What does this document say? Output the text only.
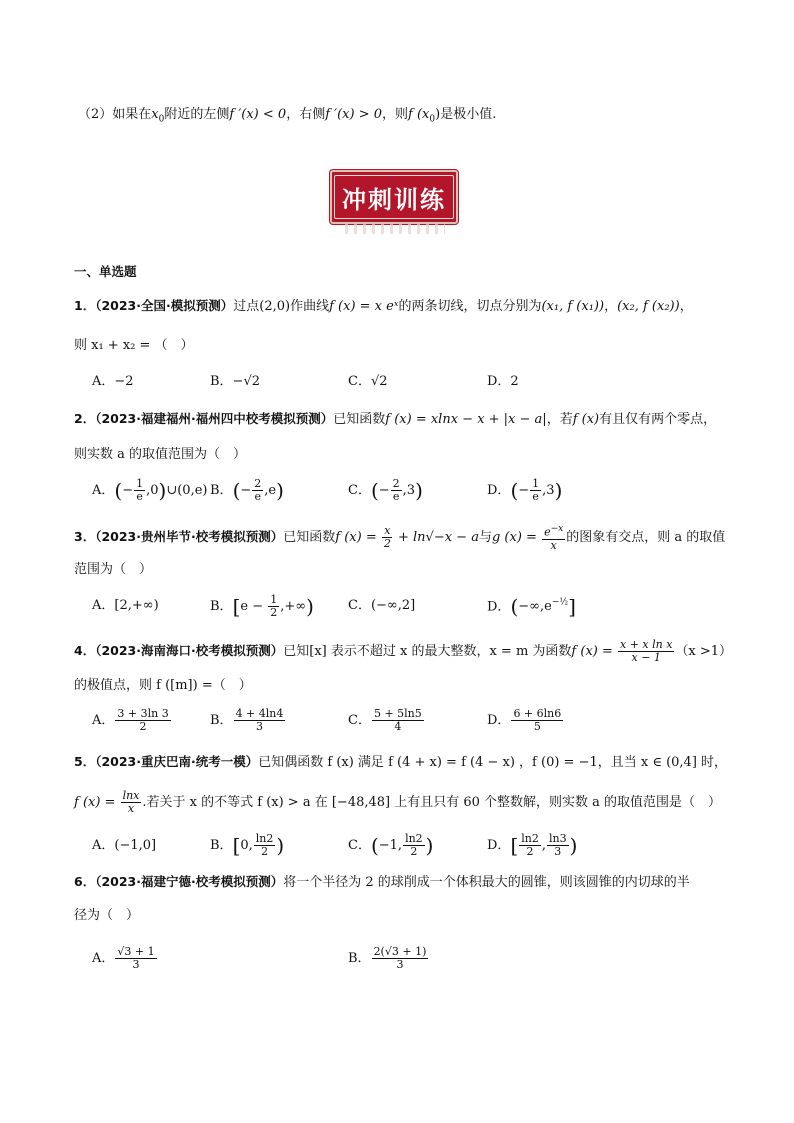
（2）如果在$x_0$附近的左侧f ′(x) < 0，右侧f ′(x) > 0，则f $(x_0)$是极小值.
冲刺训练
一、单选题
1．（2023·全国·模拟预测）过点(2,0)作曲线f (x) = x eˣ的两条切线，切点分别为(x₁, f (x₁))，(x₂, f (x₂))，
则 x₁ + x₂ = （　）
A．−2	B．−√2	C．√2	D．2
2．（2023·福建福州·福州四中校考模拟预测）已知函数f (x) = xlnx − x + |x − a|，若f (x)有且仅有两个零点，
则实数 a 的取值范围为（　）
A．(− $\frac{1}{e}$ ,0)∪(0,e) B．(− $\frac{2}{e} ,e$)	C．(− $\frac{2}{e} ,3$)	D．(− $\frac{1}{e} ,3$)
3．（2023·贵州毕节·校考模拟预测）已知函数f $(x) = \frac{x}{2} + \ln√-x - a$与g $(x) = \frac{e^{-x}}{x}$ 的图象有交点，则 a 的取值
范围为（　）
A．[2,+∞)	B．[$e - \frac{1}{2}$ ,+∞)	C．(−∞,2]	D．$(-\infty,e^{-\frac{1}{2}}]$
4．（2023·海南海口·校考模拟预测）已知[x] 表示不超过 x 的最大整数，x = m 为函数f $(x) = \frac{\text{x + x ln x}}{x - 1} (x >1)$
的极值点，则 f ([m]) =（　）
A． $\frac{3 + 3\ln 3}{2}$	B． $\frac{4 + 4\ln 4}{3}$	C． $\frac{5 + 5\ln 5}{4}$	D． $\frac{6 + 6\ln 6}{5}$
5．（2023·重庆巴南·统考一模）已知偶函数 f (x) 满足 f (4 + x) = f (4 − x) ，f (0) = −1，且当 x ∈ (0,4] 时，
f $(x) = \frac{\ln x}{x}$ .若关于 x 的不等式 f (x) > a 在 [−48,48] 上有且只有 60 个整数解，则实数 a 的取值范围是（　）
A．(−1,0]	B．[0, $\frac{\ln 2}{2}$ )	C．(−1, $\frac{\ln 2}{2}$ )	D．[ $\frac{\ln 2}{2}$ , $\frac{\ln 3}{3}$ )
6．（2023·福建宁德·校考模拟预测）将一个半径为 2 的球削成一个体积最大的圆锥，则该圆锥的内切球的半
径为（　）
A． $\frac{√3 + 1}{3}$	B． $\frac{2(√3 + 1)}{3}$
